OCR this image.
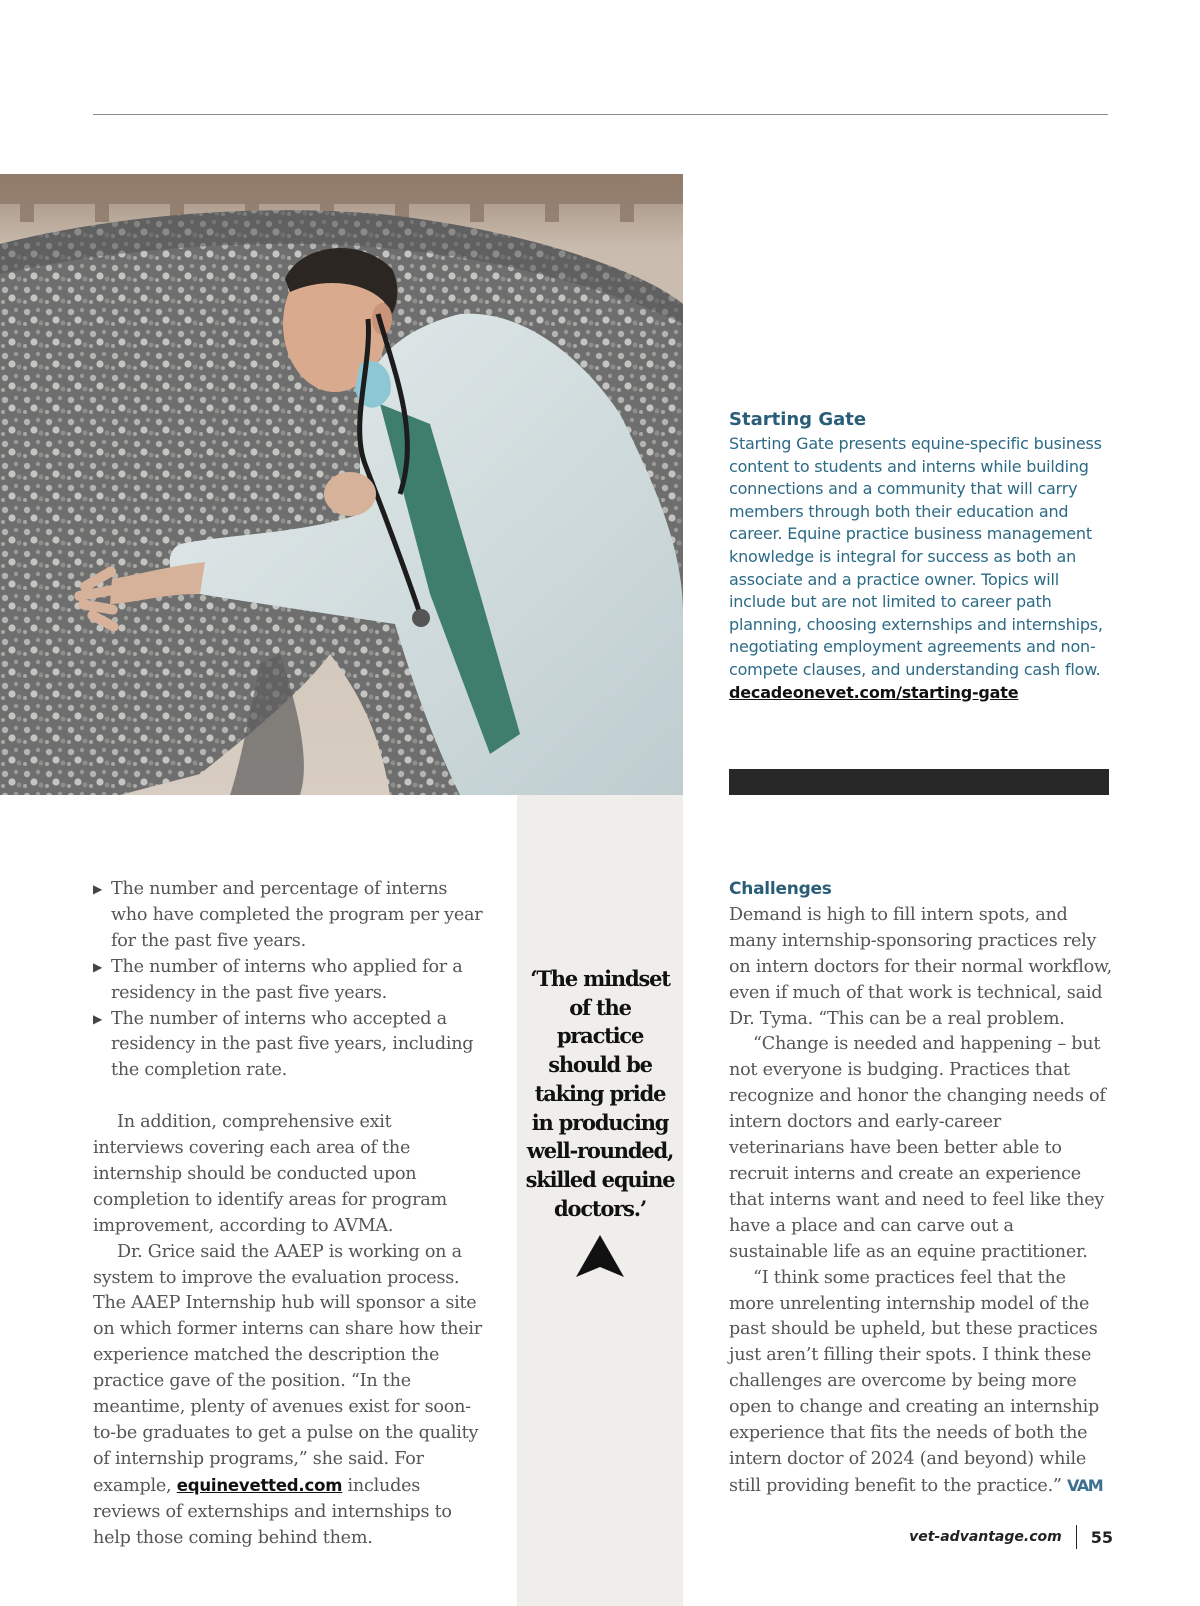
Starting Gate

Starting Gate presents equine-specific business content to students and interns while building connections and a community that will carry members through both their education and career. Equine practice business management knowledge is integral for success as both an associate and a practice owner. Topics will include but are not limited to career path planning, choosing externships and internships, negotiating employment agreements and non-compete clauses, and understanding cash flow.

decadeonevet.com/starting-gate
‘The mindset
of the
practice
should be
taking pride
in producing
well-rounded,
skilled equine
doctors.’
▶ The number and percentage of interns who have completed the program per year for the past five years.
▶ The number of interns who applied for a residency in the past five years.
▶ The number of interns who accepted a residency in the past five years, including the completion rate.

In addition, comprehensive exit interviews covering each area of the internship should be conducted upon completion to identify areas for program improvement, according to AVMA.

Dr. Grice said the AAEP is working on a system to improve the evaluation process. The AAEP Internship hub will sponsor a site on which former interns can share how their experience matched the description the practice gave of the position. “In the meantime, plenty of avenues exist for soon-to-be graduates to get a pulse on the quality of internship programs,” she said. For example, equinevetted.com includes reviews of externships and internships to help those coming behind them.

Challenges

Demand is high to fill intern spots, and many internship-sponsoring practices rely on intern doctors for their normal workflow, even if much of that work is technical, said Dr. Tyma. “This can be a real problem.

“Change is needed and happening – but not everyone is budging. Practices that recognize and honor the changing needs of intern doctors and early-career veterinarians have been better able to recruit interns and create an experience that interns want and need to feel like they have a place and can carve out a sustainable life as an equine practitioner.

“I think some practices feel that the more unrelenting internship model of the past should be upheld, but these practices just aren’t filling their spots. I think these challenges are overcome by being more open to change and creating an internship experience that fits the needs of both the intern doctor of 2024 (and beyond) while still providing benefit to the practice.” VAM

vet-advantage.com 55
